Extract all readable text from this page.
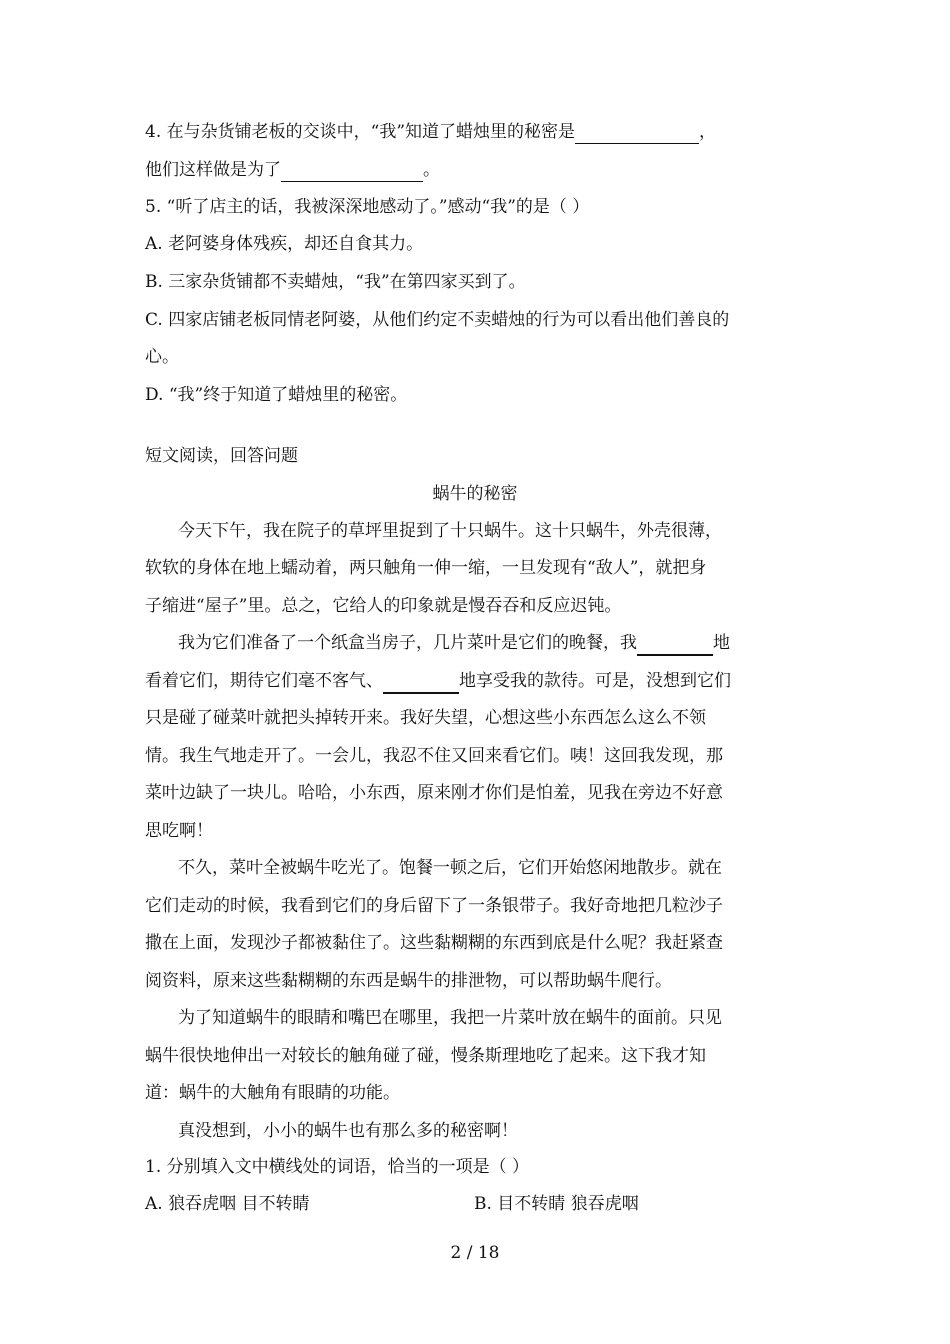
4. 在与杂货铺老板的交谈中，“我”知道了蜡烛里的秘密是	，
他们这样做是为了	。
5. “听了店主的话，我被深深地感动了。”感动“我”的是（ ）
A. 老阿婆身体残疾，却还自食其力。
B. 三家杂货铺都不卖蜡烛，“我”在第四家买到了。
C. 四家店铺老板同情老阿婆，从他们约定不卖蜡烛的行为可以看出他们善良的
心。
D. “我”终于知道了蜡烛里的秘密。
短文阅读，回答问题
蜗牛的秘密
今天下午，我在院子的草坪里捉到了十只蜗牛。这十只蜗牛，外壳很薄，
软软的身体在地上蠕动着，两只触角一伸一缩，一旦发现有“敌人”，就把身
子缩进“屋子”里。总之，它给人的印象就是慢吞吞和反应迟钝。
我为它们准备了一个纸盒当房子，几片菜叶是它们的晚餐，我	地
看着它们，期待它们毫不客气、	地享受我的款待。可是，没想到它们
只是碰了碰菜叶就把头掉转开来。我好失望，心想这些小东西怎么这么不领
情。我生气地走开了。一会儿，我忍不住又回来看它们。咦！这回我发现，那
菜叶边缺了一块儿。哈哈，小东西，原来刚才你们是怕羞，见我在旁边不好意
思吃啊！
不久，菜叶全被蜗牛吃光了。饱餐一顿之后，它们开始悠闲地散步。就在
它们走动的时候，我看到它们的身后留下了一条银带子。我好奇地把几粒沙子
撒在上面，发现沙子都被黏住了。这些黏糊糊的东西到底是什么呢？我赶紧查
阅资料，原来这些黏糊糊的东西是蜗牛的排泄物，可以帮助蜗牛爬行。
为了知道蜗牛的眼睛和嘴巴在哪里，我把一片菜叶放在蜗牛的面前。只见
蜗牛很快地伸出一对较长的触角碰了碰，慢条斯理地吃了起来。这下我才知
道：蜗牛的大触角有眼睛的功能。
真没想到，小小的蜗牛也有那么多的秘密啊！
1. 分别填入文中横线处的词语，恰当的一项是（ ）
A. 狼吞虎咽 目不转睛	B. 目不转睛 狼吞虎咽
2 / 18
